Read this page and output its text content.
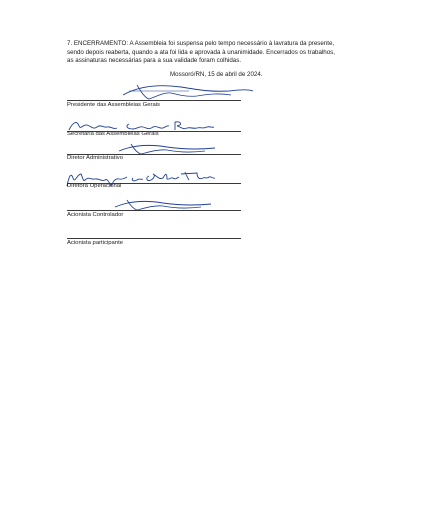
7. ENCERRAMENTO: A Assembleia foi suspensa pelo tempo necessário à lavratura da presente,
sendo depois reaberta, quando a ata foi lida e aprovada à unanimidade. Encerrados os trabalhos,
as assinaturas necessárias para a sua validade foram colhidas.

Mossoró/RN, 15 de abril de 2024.

Presidente das Assembleias Gerais

Secretária das Assembleias Gerais

Diretor Administrativo

Diretora Operacional

Acionista Controlador

Acionista participante
